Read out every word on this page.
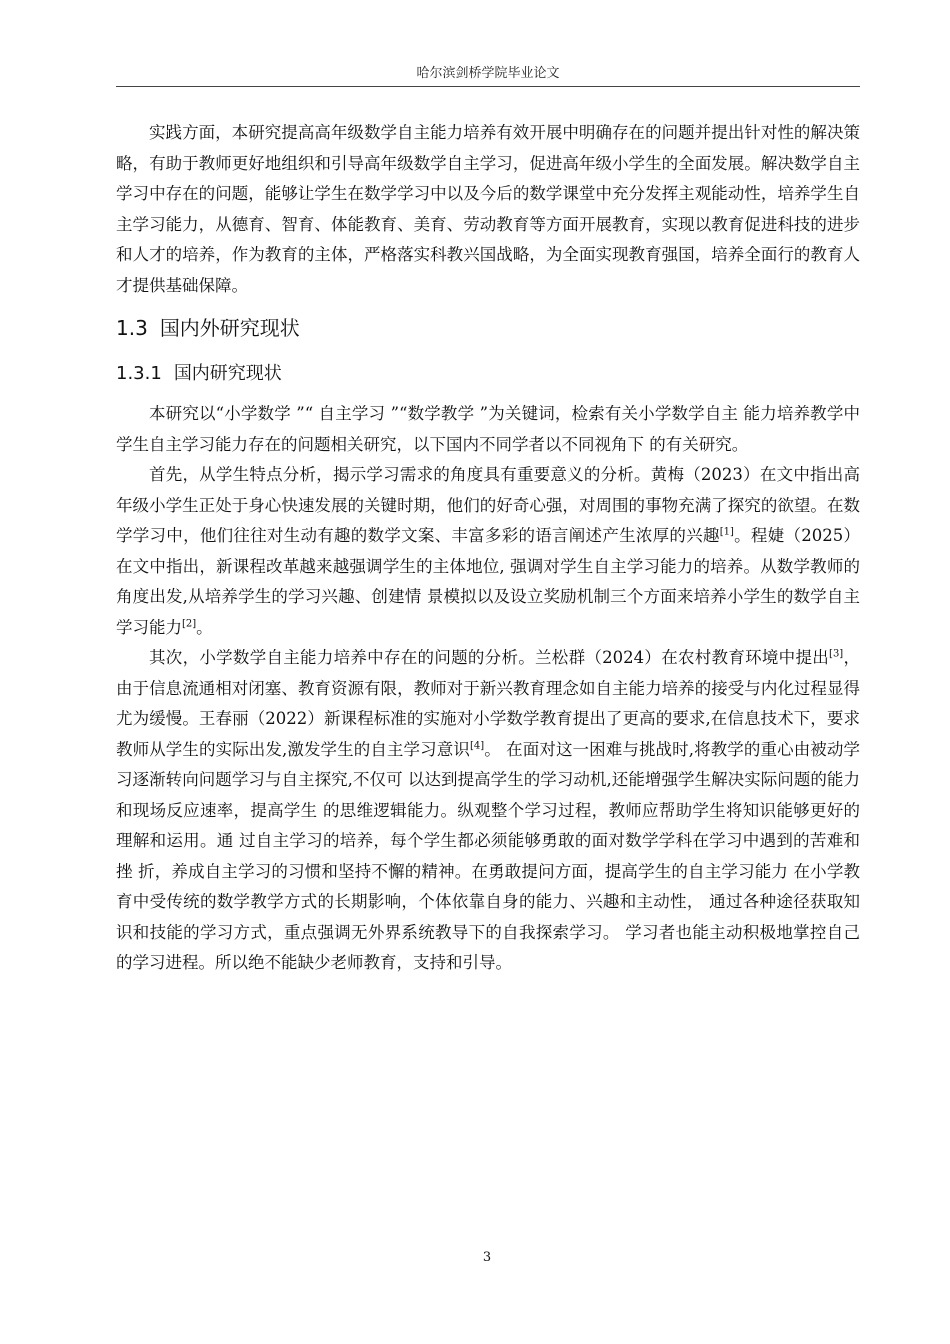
哈尔滨剑桥学院毕业论文

实践方面，本研究提高高年级数学自主能力培养有效开展中明确存在的问题并提出针对性的解决策略，有助于教师更好地组织和引导高年级数学自主学习，促进高年级小学生的全面发展。解决数学自主学习中存在的问题，能够让学生在数学学习中以及今后的数学课堂中充分发挥主观能动性，培养学生自主学习能力，从德育、智育、体能教育、美育、劳动教育等方面开展教育，实现以教育促进科技的进步和人才的培养，作为教育的主体，严格落实科教兴国战略，为全面实现教育强国，培养全面行的教育人才提供基础保障。

1.3 国内外研究现状
1.3.1 国内研究现状

本研究以“小学数学 ”“ 自主学习 ”“数学教学 ”为关键词，检索有关小学数学自主 能力培养教学中学生自主学习能力存在的问题相关研究，以下国内不同学者以不同视角下 的有关研究。

首先，从学生特点分析，揭示学习需求的角度具有重要意义的分析。黄梅（2023）在文中指出高年级小学生正处于身心快速发展的关键时期，他们的好奇心强，对周围的事物充满了探究的欲望。在数学学习中，他们往往对生动有趣的数学文案、丰富多彩的语言阐述产生浓厚的兴趣[1]。程婕（2025） 在文中指出，新课程改革越来越强调学生的主体地位, 强调对学生自主学习能力的培养。从数学教师的角度出发,从培养学生的学习兴趣、创建情 景模拟以及设立奖励机制三个方面来培养小学生的数学自主学习能力[2]。

其次，小学数学自主能力培养中存在的问题的分析。兰松群（2024）在农村教育环境中提出[3]，由于信息流通相对闭塞、教育资源有限，教师对于新兴教育理念如自主能力培养的接受与内化过程显得尤为缓慢。王春丽（2022）新课程标准的实施对小学数学教育提出了更高的要求,在信息技术下，要求教师从学生的实际出发,激发学生的自主学习意识[4]。 在面对这一困难与挑战时,将教学的重心由被动学习逐渐转向问题学习与自主探究,不仅可 以达到提高学生的学习动机,还能增强学生解决实际问题的能力和现场反应速率，提高学生 的思维逻辑能力。纵观整个学习过程，教师应帮助学生将知识能够更好的理解和运用。通 过自主学习的培养，每个学生都必须能够勇敢的面对数学学科在学习中遇到的苦难和挫 折，养成自主学习的习惯和坚持不懈的精神。在勇敢提问方面，提高学生的自主学习能力 在小学教育中受传统的数学教学方式的长期影响，个体依靠自身的能力、兴趣和主动性， 通过各种途径获取知识和技能的学习方式，重点强调无外界系统教导下的自我探索学习。 学习者也能主动积极地掌控自己的学习进程。所以绝不能缺少老师教育，支持和引导。

3
